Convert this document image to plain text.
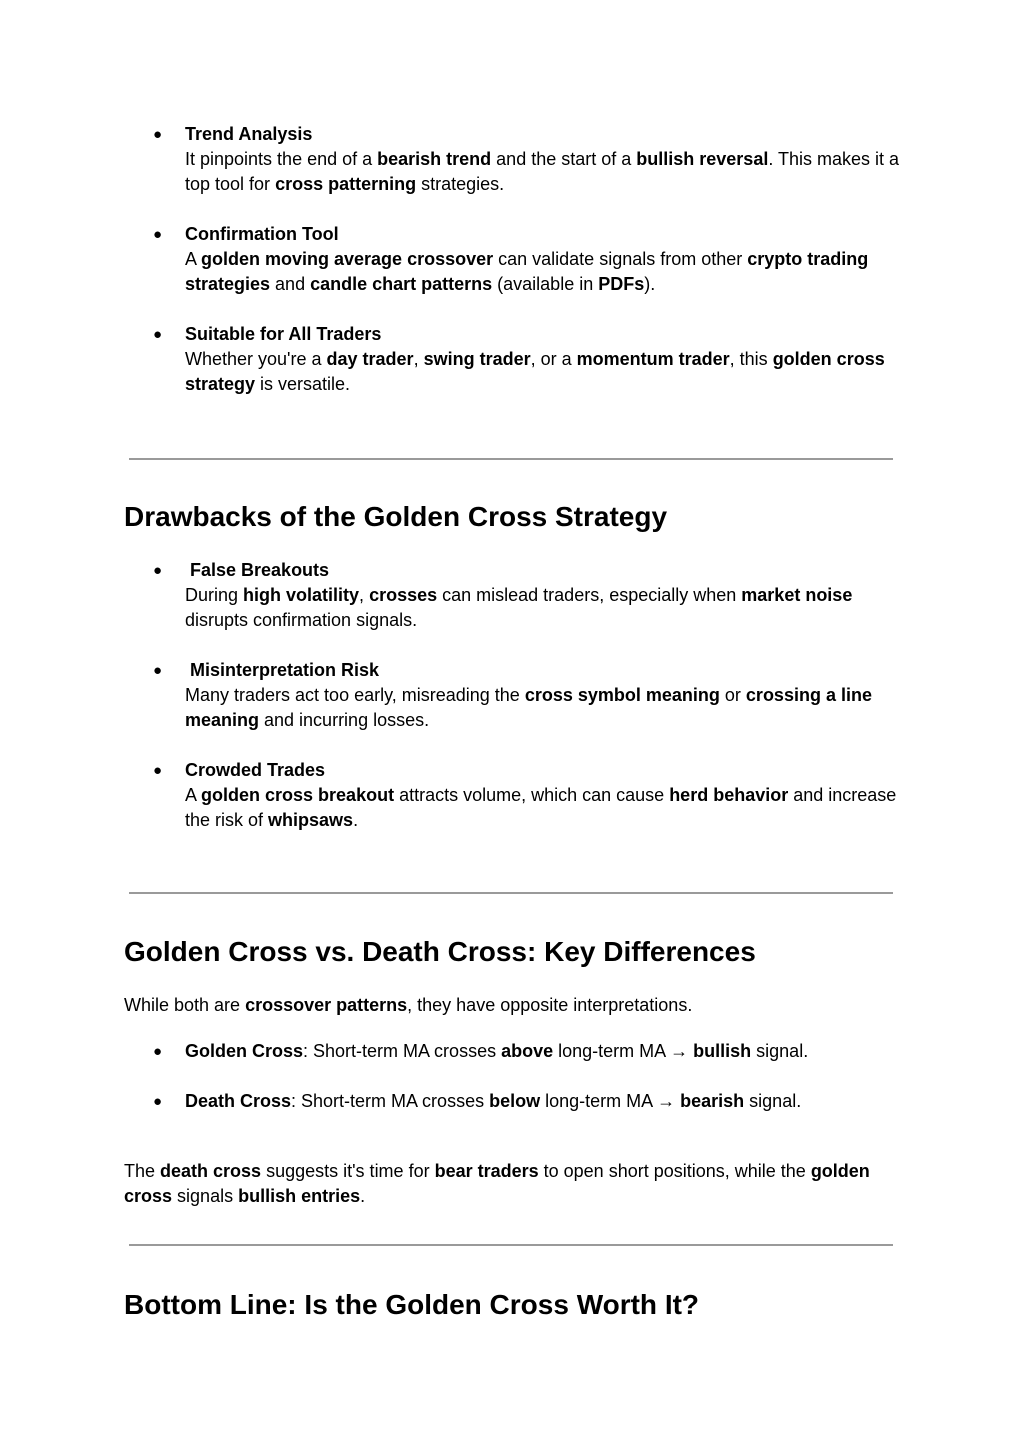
● Trend Analysis
It pinpoints the end of a bearish trend and the start of a bullish reversal. This makes it a top tool for cross patterning strategies.
● Confirmation Tool
A golden moving average crossover can validate signals from other crypto trading strategies and candle chart patterns (available in PDFs).
● Suitable for All Traders
Whether you're a day trader, swing trader, or a momentum trader, this golden cross strategy is versatile.
Drawbacks of the Golden Cross Strategy
● False Breakouts
During high volatility, crosses can mislead traders, especially when market noise disrupts confirmation signals.
● Misinterpretation Risk
Many traders act too early, misreading the cross symbol meaning or crossing a line meaning and incurring losses.
● Crowded Trades
A golden cross breakout attracts volume, which can cause herd behavior and increase the risk of whipsaws.
Golden Cross vs. Death Cross: Key Differences
While both are crossover patterns, they have opposite interpretations.
● Golden Cross: Short-term MA crosses above long-term MA → bullish signal.
● Death Cross: Short-term MA crosses below long-term MA → bearish signal.
The death cross suggests it's time for bear traders to open short positions, while the golden cross signals bullish entries.
Bottom Line: Is the Golden Cross Worth It?
